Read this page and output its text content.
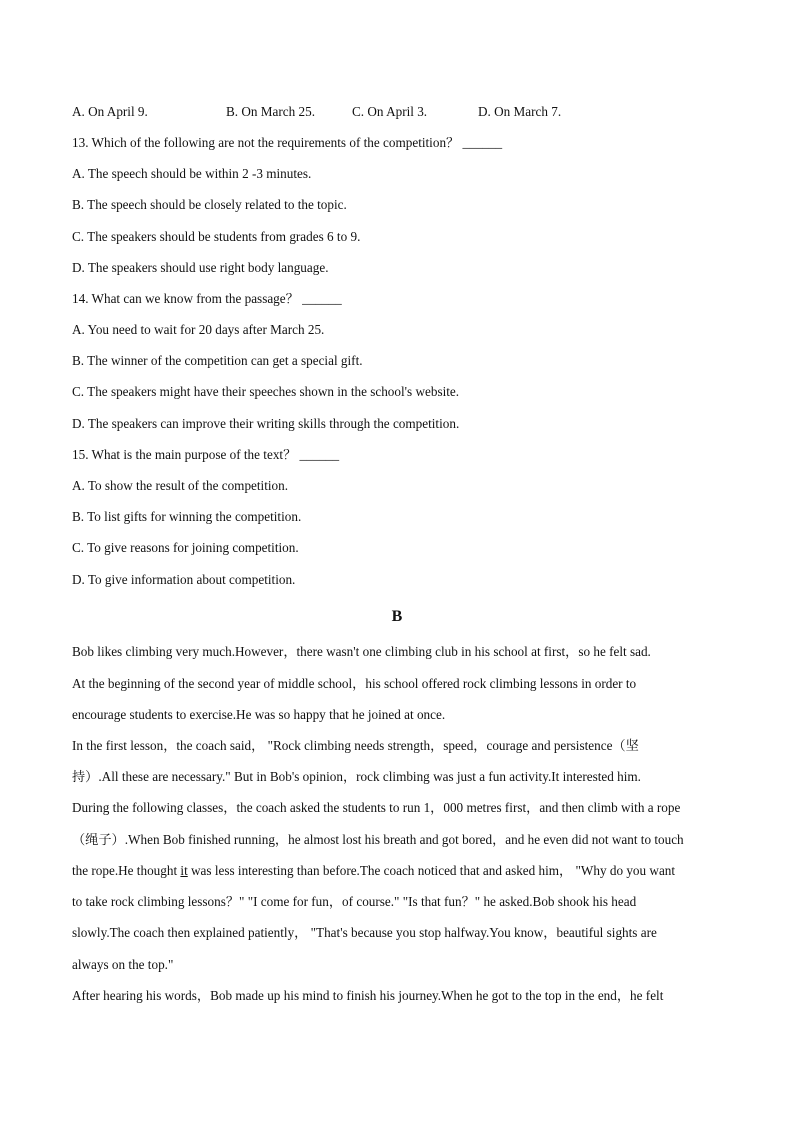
A. On April 9.	B. On March 25.	C. On April 3.	D. On March 7.
13. Which of the following are not the requirements of the competition？ ______
A. The speech should be within 2 -3 minutes.
B. The speech should be closely related to the topic.
C. The speakers should be students from grades 6 to 9.
D. The speakers should use right body language.
14. What can we know from the passage？ ______
A. You need to wait for 20 days after March 25.
B. The winner of the competition can get a special gift.
C. The speakers might have their speeches shown in the school's website.
D. The speakers can improve their writing skills through the competition.
15. What is the main purpose of the text？ ______
A. To show the result of the competition.
B. To list gifts for winning the competition.
C. To give reasons for joining competition.
D. To give information about competition.
B
Bob likes climbing very much.However，there wasn't one climbing club in his school at first，so he felt sad.
At the beginning of the second year of middle school，his school offered rock climbing lessons in order to
encourage students to exercise.He was so happy that he joined at once.
In the first lesson，the coach said， "Rock climbing needs strength，speed，courage and persistence（坚
持）.All these are necessary." But in Bob's opinion，rock climbing was just a fun activity.It interested him.
During the following classes，the coach asked the students to run 1，000 metres first，and then climb with a rope
（绳子）.When Bob finished running，he almost lost his breath and got bored，and he even did not want to touch
the rope.He thought it was less interesting than before.The coach noticed that and asked him， "Why do you want
to take rock climbing lessons？" "I come for fun，of course." "Is that fun？" he asked.Bob shook his head
slowly.The coach then explained patiently， "That's because you stop halfway.You know，beautiful sights are
always on the top."
After hearing his words，Bob made up his mind to finish his journey.When he got to the top in the end，he felt
